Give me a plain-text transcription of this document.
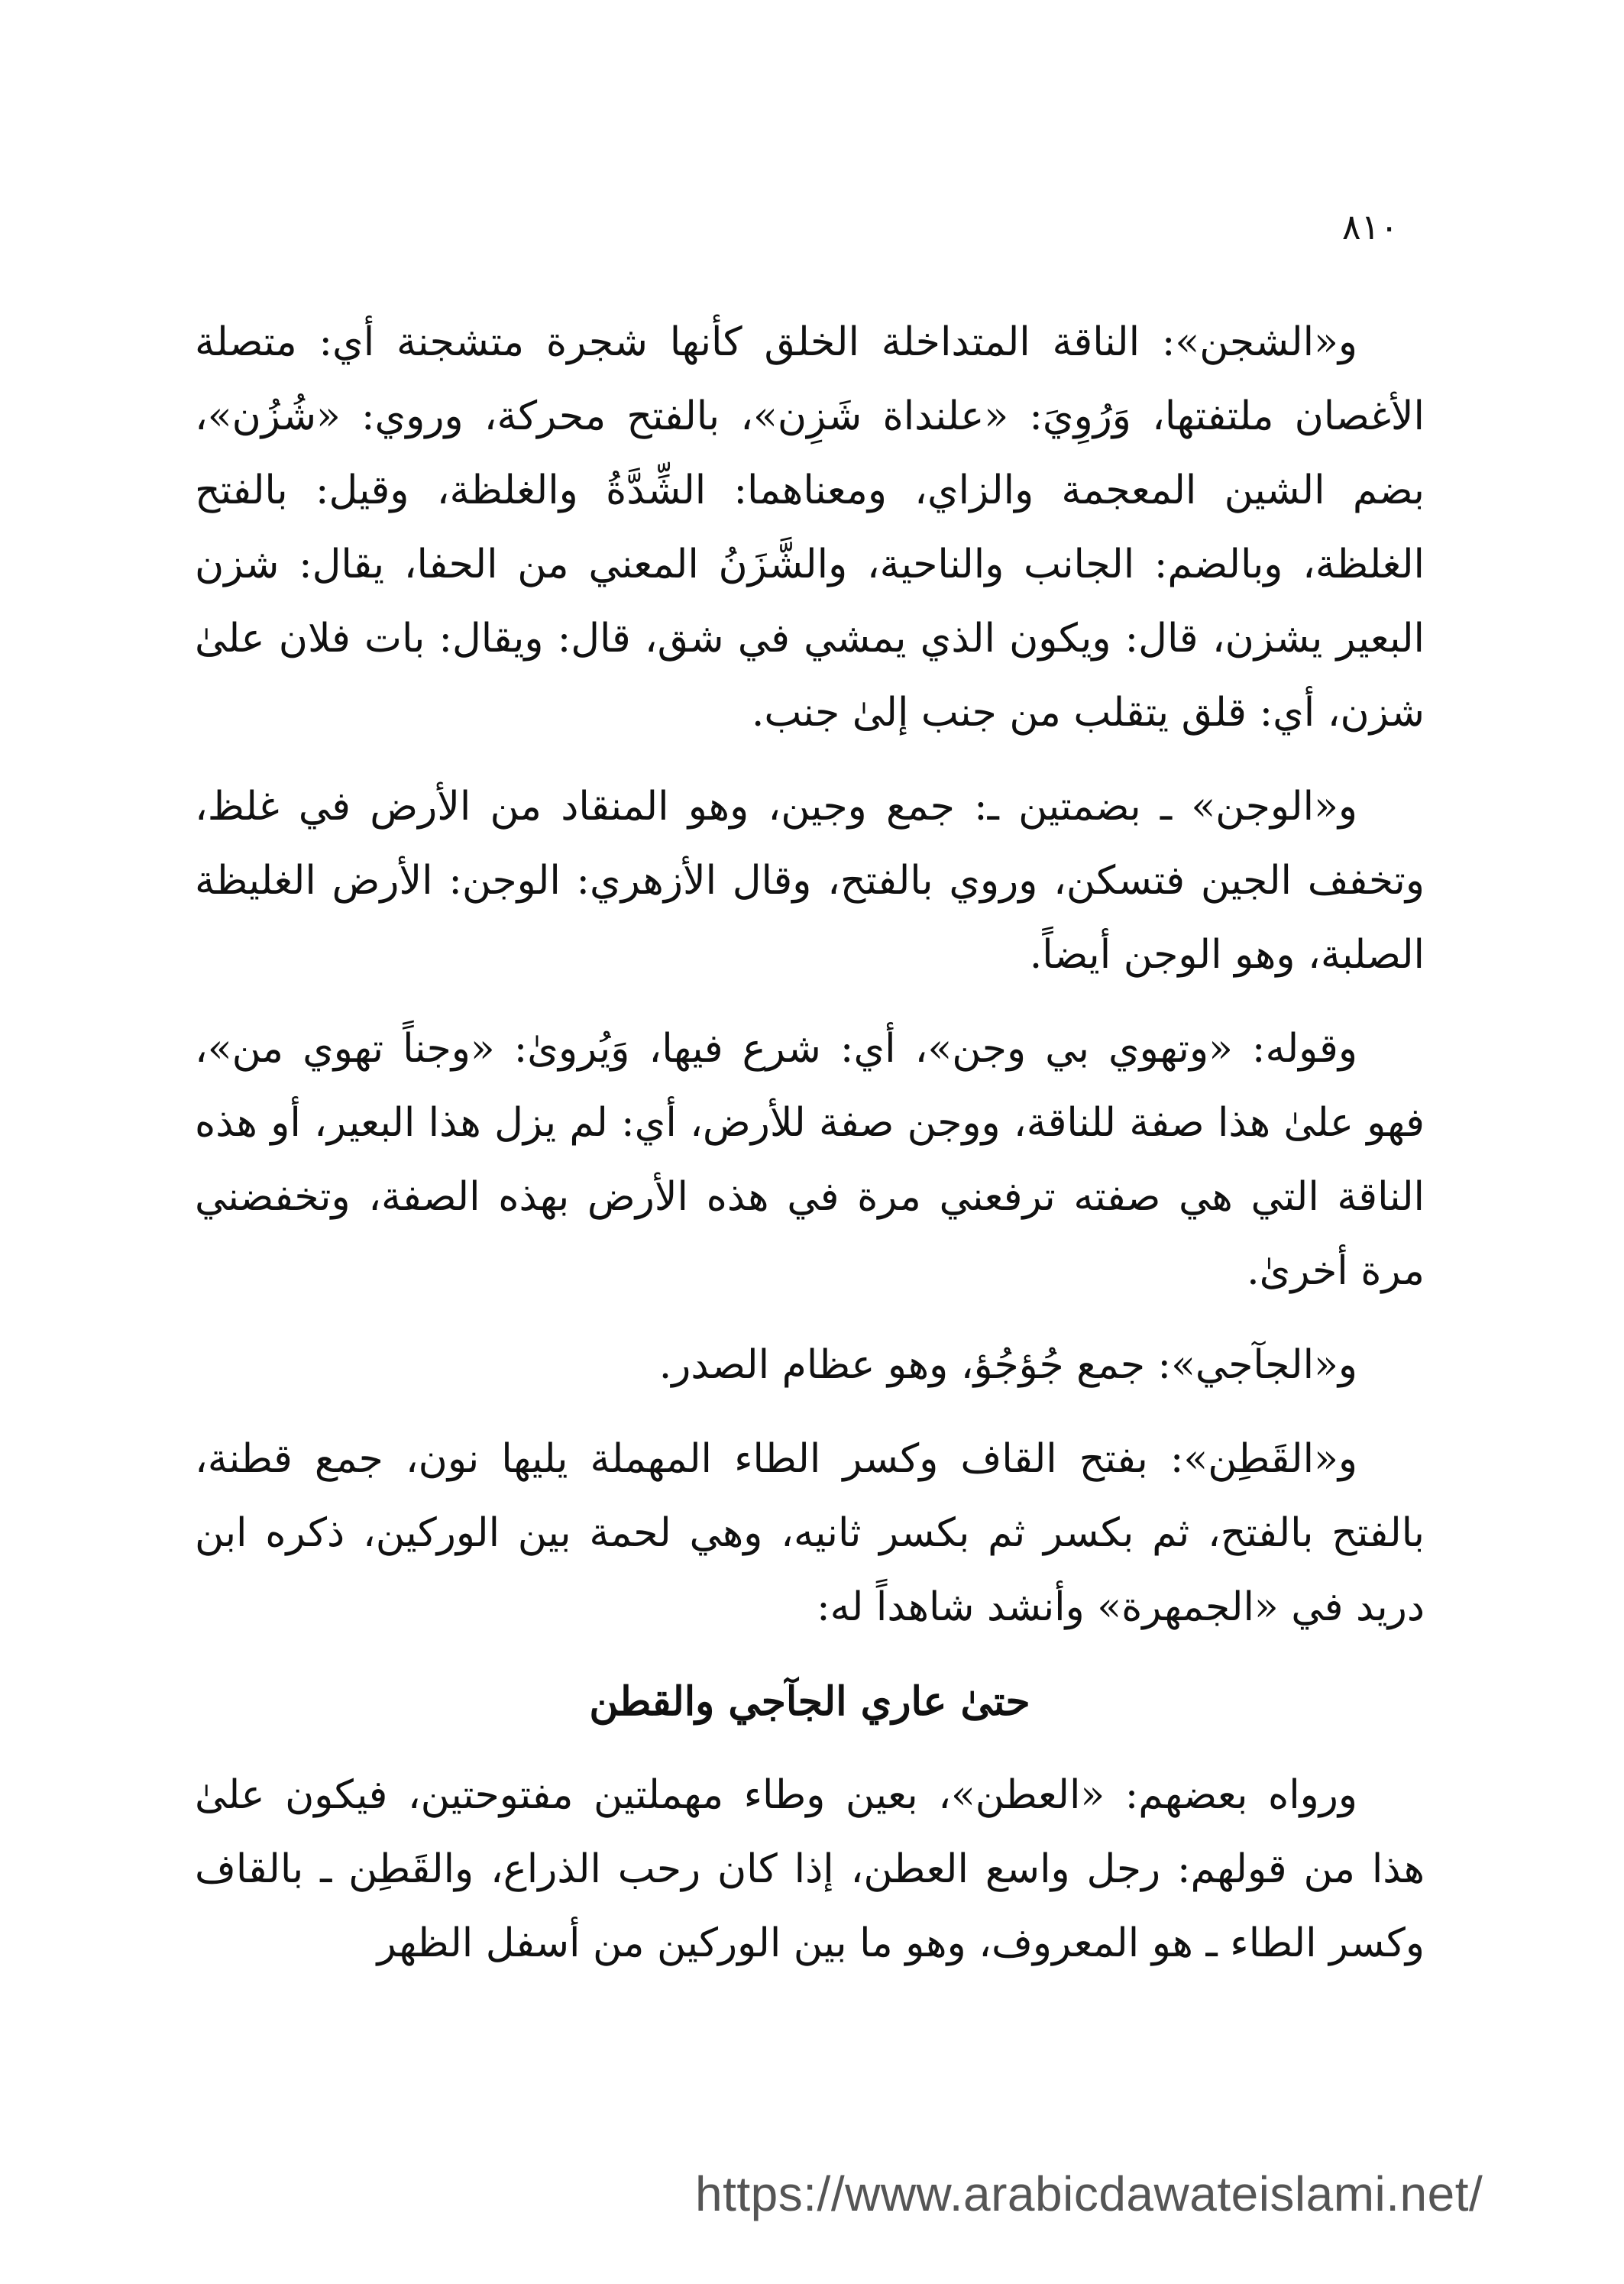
٨١٠

و«الشجن»: الناقة المتداخلة الخلق كأنها شجرة متشجنة أي: متصلة الأغصان ملتفتها، وَرُوِيَ: «علنداة شَزِن»، بالفتح محركة، وروي: «شُزُن»، بضم الشين المعجمة والزاي، ومعناهما: الشِّدَّةُ والغلظة، وقيل: بالفتح الغلظة، وبالضم: الجانب والناحية، والشَّزَنُ المعني من الحفا، يقال: شزن البعير يشزن، قال: ويكون الذي يمشي في شق، قال: ويقال: بات فلان علىٰ شزن، أي: قلق يتقلب من جنب إلىٰ جنب.

و«الوجن» ـ بضمتين ـ: جمع وجين، وهو المنقاد من الأرض في غلظ، وتخفف الجين فتسكن، وروي بالفتح، وقال الأزهري: الوجن: الأرض الغليظة الصلبة، وهو الوجن أيضاً.

وقوله: «وتهوي بي وجن»، أي: شرع فيها، وَيُروىٰ: «وجناً تهوي من»، فهو علىٰ هذا صفة للناقة، ووجن صفة للأرض، أي: لم يزل هذا البعير، أو هذه الناقة التي هي صفته ترفعني مرة في هذه الأرض بهذه الصفة، وتخفضني مرة أخرىٰ.

و«الجآجي»: جمع جُؤجُؤ، وهو عظام الصدر.

و«القَطِن»: بفتح القاف وكسر الطاء المهملة يليها نون، جمع قطنة، بالفتح بالفتح، ثم بكسر ثم بكسر ثانيه، وهي لحمة بين الوركين، ذكره ابن دريد في «الجمهرة» وأنشد شاهداً له:

حتىٰ عاري الجآجي والقطن

ورواه بعضهم: «العطن»، بعين وطاء مهملتين مفتوحتين، فيكون علىٰ هذا من قولهم: رجل واسع العطن، إذا كان رحب الذراع، والقَطِن ـ بالقاف وكسر الطاء ـ هو المعروف، وهو ما بين الوركين من أسفل الظهر

https://www.arabicdawateislami.net/
